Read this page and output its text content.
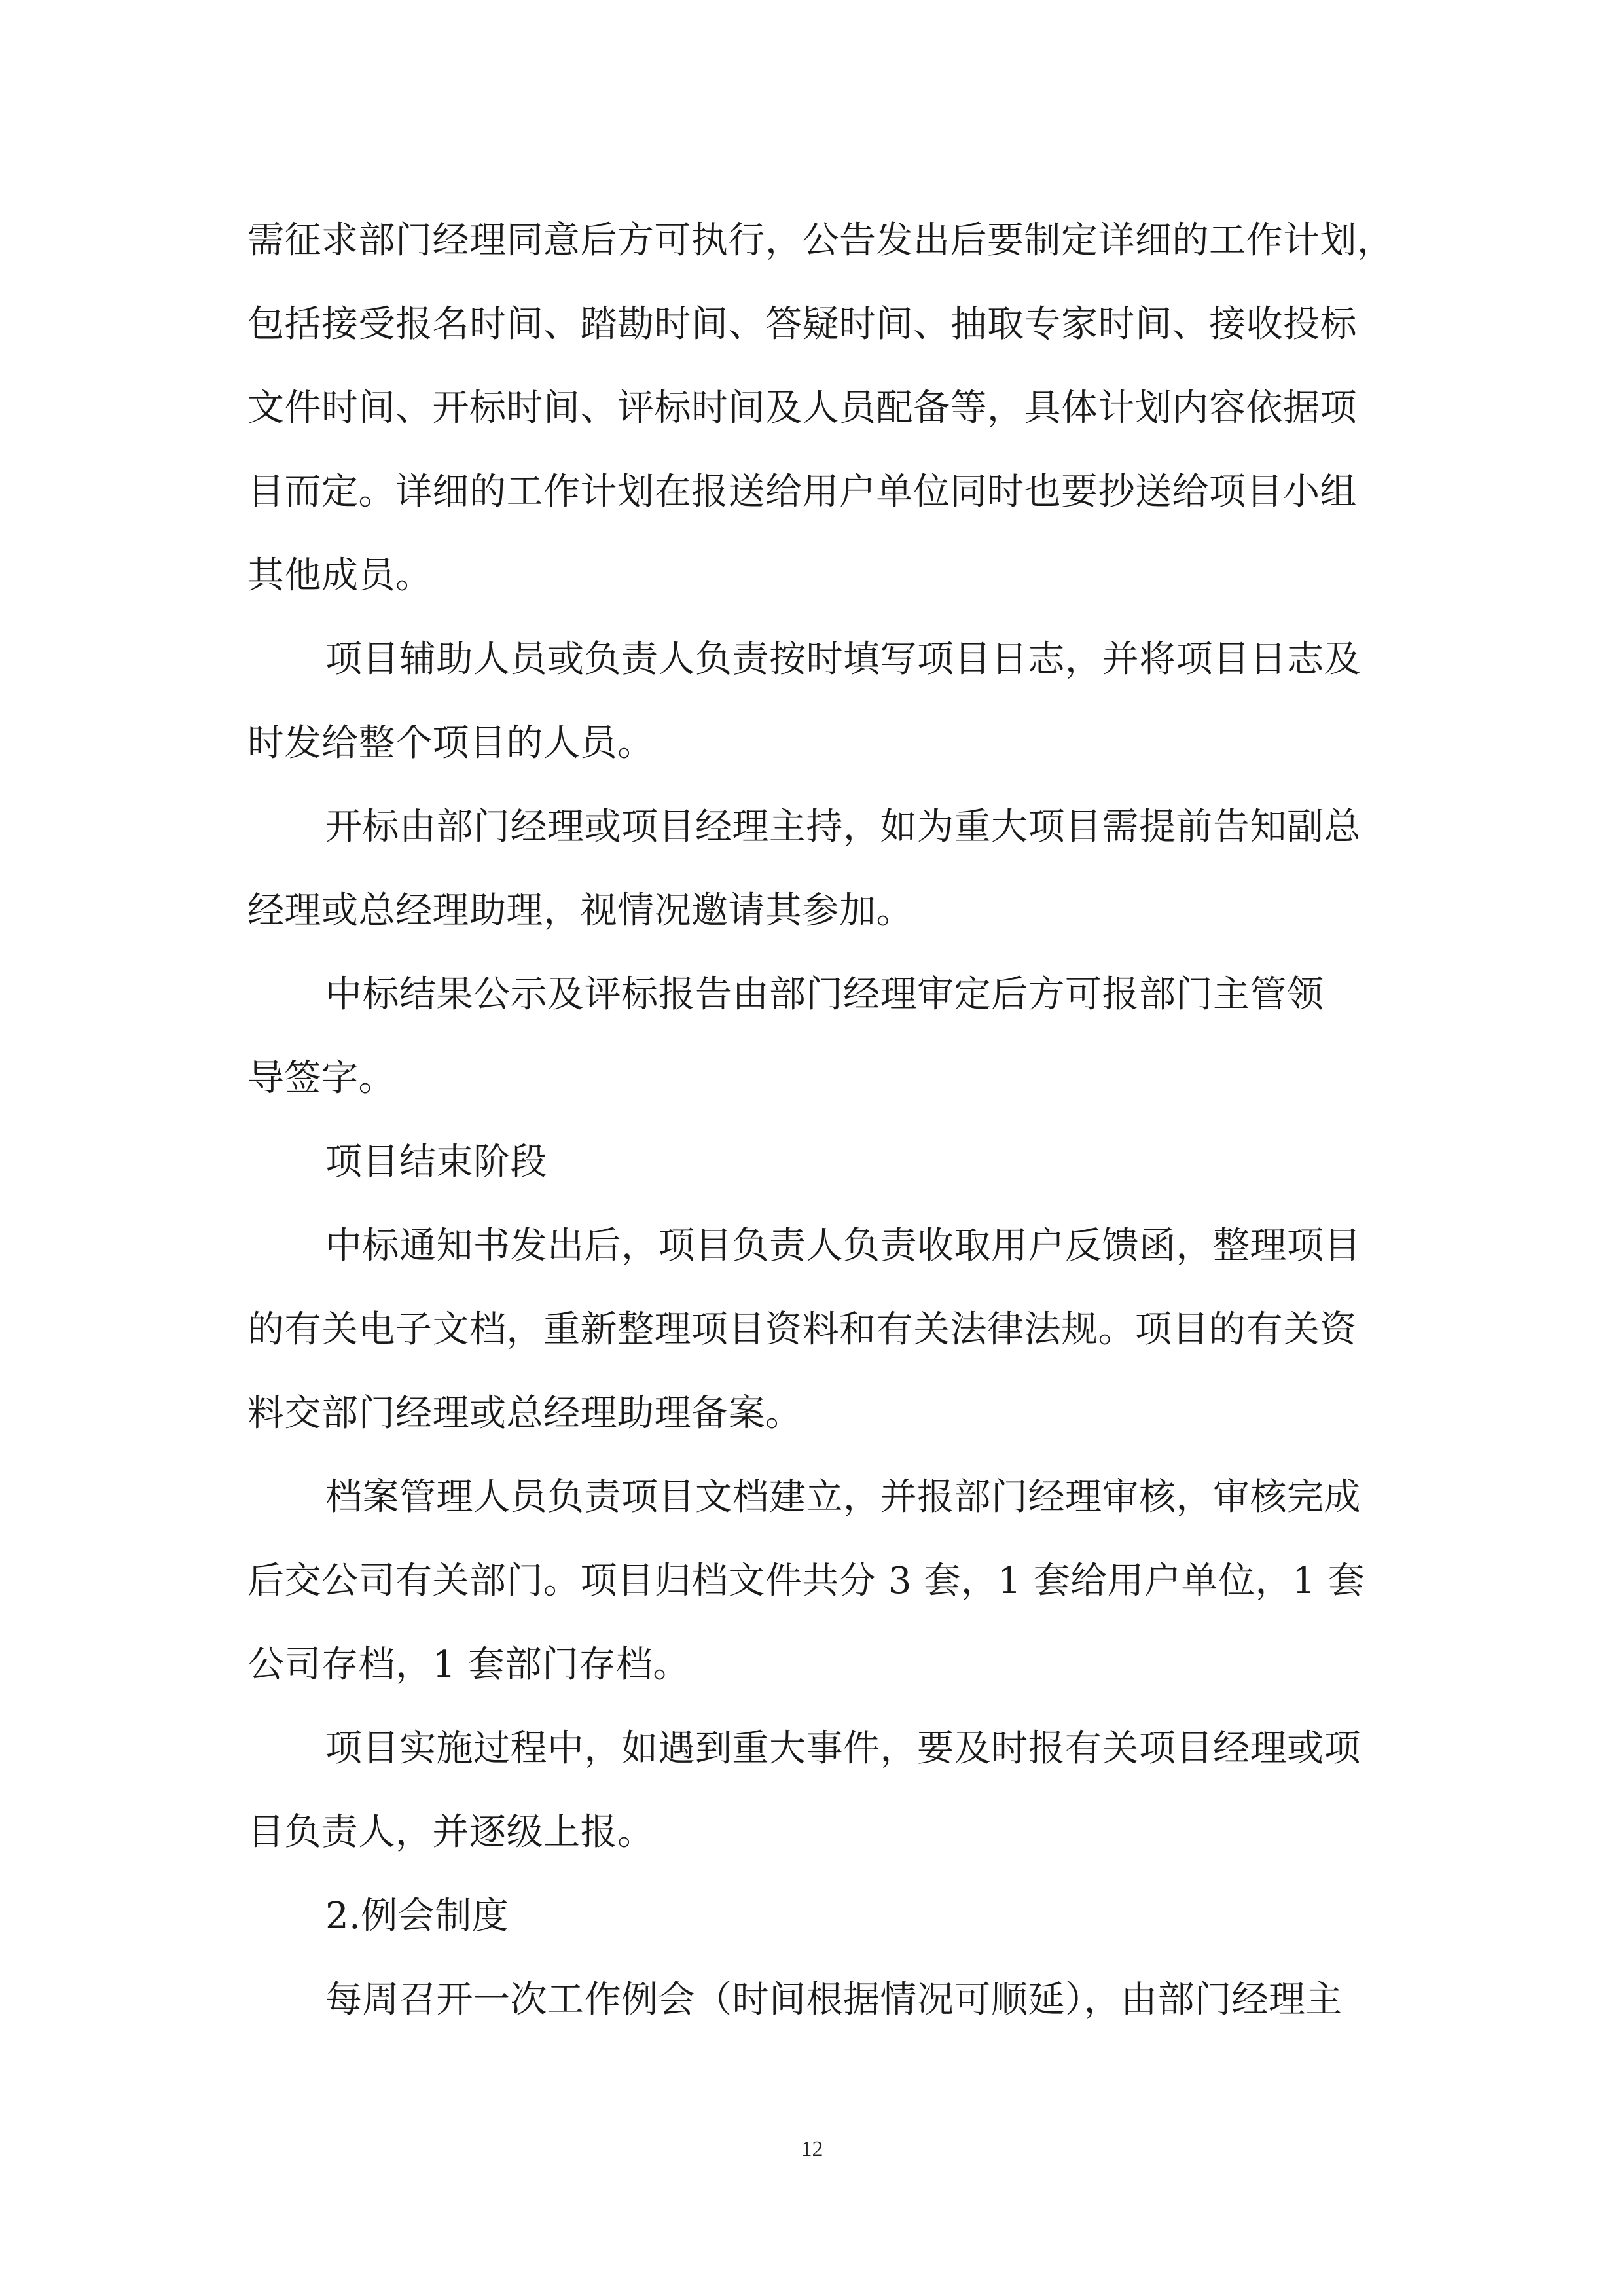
需征求部门经理同意后方可执行，公告发出后要制定详细的工作计划，
包括接受报名时间、踏勘时间、答疑时间、抽取专家时间、接收投标
文件时间、开标时间、评标时间及人员配备等，具体计划内容依据项
目而定。详细的工作计划在报送给用户单位同时也要抄送给项目小组
其他成员。
项目辅助人员或负责人负责按时填写项目日志，并将项目日志及
时发给整个项目的人员。
开标由部门经理或项目经理主持，如为重大项目需提前告知副总
经理或总经理助理，视情况邀请其参加。
中标结果公示及评标报告由部门经理审定后方可报部门主管领
导签字。
项目结束阶段
中标通知书发出后，项目负责人负责收取用户反馈函，整理项目
的有关电子文档，重新整理项目资料和有关法律法规。项目的有关资
料交部门经理或总经理助理备案。
档案管理人员负责项目文档建立，并报部门经理审核，审核完成
后交公司有关部门。项目归档文件共分 3 套，1 套给用户单位，1 套
公司存档，1 套部门存档。
项目实施过程中，如遇到重大事件，要及时报有关项目经理或项
目负责人，并逐级上报。
2.例会制度
每周召开一次工作例会（时间根据情况可顺延），由部门经理主
12
